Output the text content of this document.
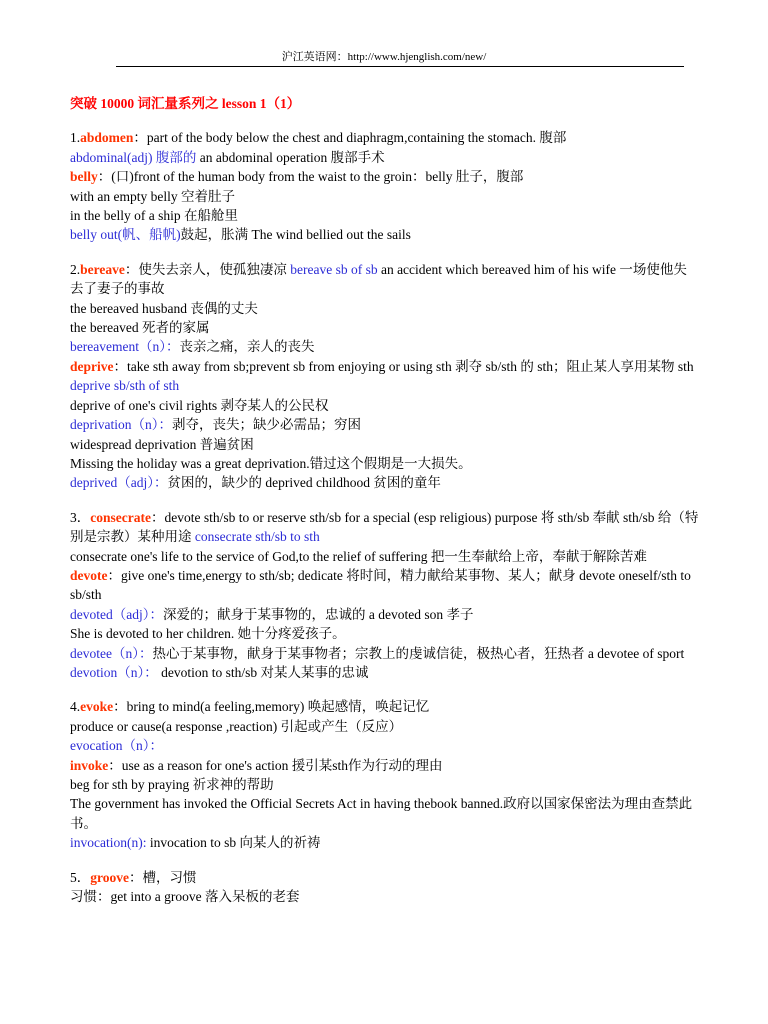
沪江英语网：http://www.hjenglish.com/new/
突破 10000 词汇量系列之 lesson 1（1）
1.abdomen：part of the body below the chest and diaphragm,containing the stomach. 腹部
abdominal(adj) 腹部的 an abdominal operation 腹部手术
belly：(口)front of the human body from the waist to the groin：belly 肚子，腹部
with an empty belly 空着肚子
in the belly of a ship 在船舱里
belly out(帆、船帆)鼓起，胀满 The wind bellied out the sails
2.bereave：使失去亲人，使孤独凄凉 bereave sb of sb an accident which bereaved him of his wife 一场使他失去了妻子的事故
the bereaved husband 丧偶的丈夫
the bereaved 死者的家属
bereavement（n）：丧亲之痛，亲人的丧失
deprive：take sth away from sb;prevent sb from enjoying or using sth 剥夺 sb/sth 的 sth；阻止某人享用某物 sth
deprive sb/sth of sth
deprive of one's civil rights 剥夺某人的公民权
deprivation（n）：剥夺，丧失；缺少必需品；穷困
widespread deprivation 普遍贫困
Missing the holiday was a great deprivation.错过这个假期是一大损失。
deprived（adj）：贫困的，缺少的 deprived childhood 贫困的童年
3．consecrate：devote sth/sb to or reserve sth/sb for a special (esp religious) purpose 将 sth/sb 奉献 sth/sb 给（特别是宗教）某种用途 consecrate sth/sb to sth
consecrate one's life to the service of God,to the relief of suffering 把一生奉献给上帝，奉献于解除苦难
devote：give one's time,energy to sth/sb; dedicate 将时间，精力献给某事物、某人；献身 devote oneself/sth to sb/sth
devoted（adj）：深爱的；献身于某事物的，忠诚的 a devoted son 孝子
She is devoted to her children. 她十分疼爱孩子。
devotee（n）：热心于某事物，献身于某事物者；宗教上的虔诚信徒，极热心者，狂热者 a devotee of sport
devotion（n）： devotion to sth/sb 对某人某事的忠诚
4.evoke：bring to mind(a feeling,memory) 唤起感情，唤起记忆
produce or cause(a response ,reaction) 引起或产生（反应）
evocation（n）：
invoke：use as a reason for one's action 援引某sth作为行动的理由
beg for sth by praying 祈求神的帮助
The government has invoked the Official Secrets Act in having thebook banned.政府以国家保密法为理由查禁此书。
invocation(n): invocation to sb 向某人的祈祷
5．groove：槽，习惯
习惯：get into a groove 落入呆板的老套
